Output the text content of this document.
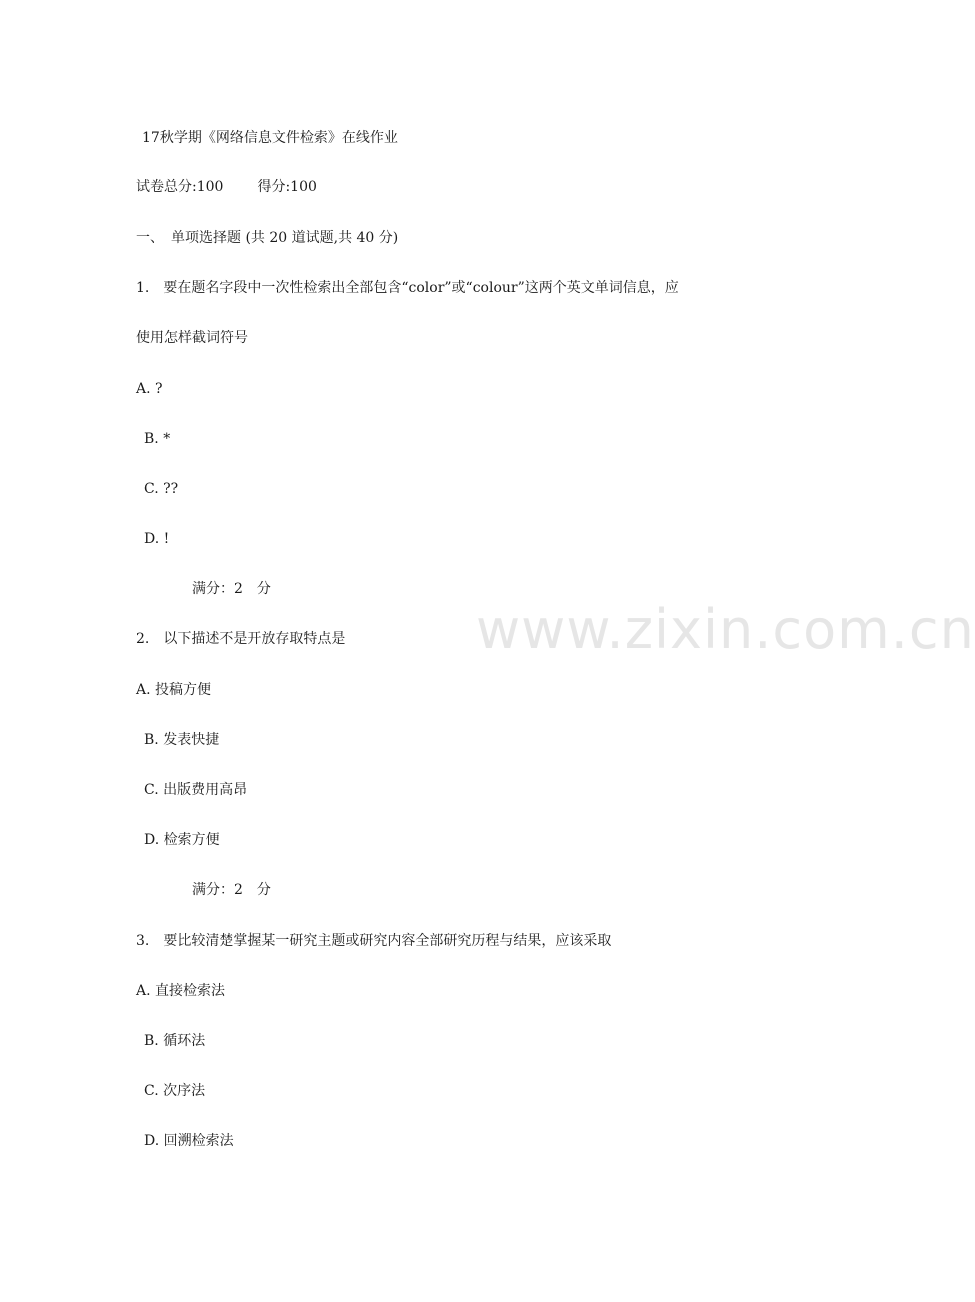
www.zixin.com.cn
17秋学期《网络信息文件检索》在线作业
试卷总分:100 得分:100
一、　单项选择题 (共 20 道试题,共 40 分)
1.　要在题名字段中一次性检索出全部包含“color”或“colour”这两个英文单词信息，应
使用怎样截词符号
A. ?
B. *
C. ??
D. !
满分：2　分
2.　以下描述不是开放存取特点是
A. 投稿方便
B. 发表快捷
C. 出版费用高昂
D. 检索方便
满分：2　分
3.　要比较清楚掌握某一研究主题或研究内容全部研究历程与结果，应该采取
A. 直接检索法
B. 循环法
C. 次序法
D. 回溯检索法
